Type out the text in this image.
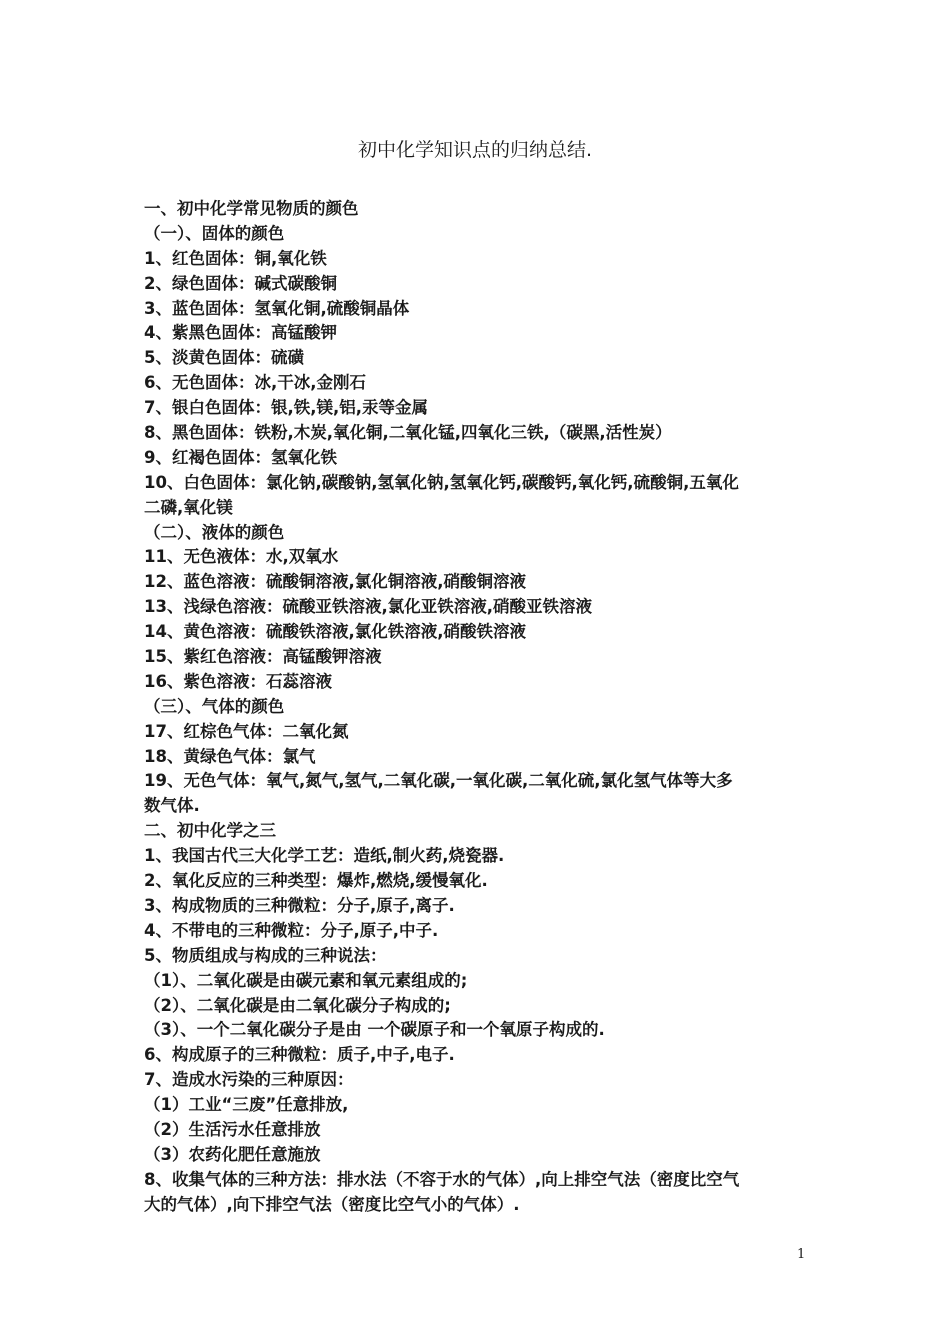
初中化学知识点的归纳总结.
一、初中化学常见物质的颜色
（一）、固体的颜色
1、红色固体：铜,氧化铁
2、绿色固体：碱式碳酸铜
3、蓝色固体：氢氧化铜,硫酸铜晶体
4、紫黑色固体：高锰酸钾
5、淡黄色固体：硫磺
6、无色固体：冰,干冰,金刚石
7、银白色固体：银,铁,镁,铝,汞等金属
8、黑色固体：铁粉,木炭,氧化铜,二氧化锰,四氧化三铁,（碳黑,活性炭）
9、红褐色固体：氢氧化铁
10、白色固体：氯化钠,碳酸钠,氢氧化钠,氢氧化钙,碳酸钙,氧化钙,硫酸铜,五氧化
二磷,氧化镁
（二）、液体的颜色
11、无色液体：水,双氧水
12、蓝色溶液：硫酸铜溶液,氯化铜溶液,硝酸铜溶液
13、浅绿色溶液：硫酸亚铁溶液,氯化亚铁溶液,硝酸亚铁溶液
14、黄色溶液：硫酸铁溶液,氯化铁溶液,硝酸铁溶液
15、紫红色溶液：高锰酸钾溶液
16、紫色溶液：石蕊溶液
（三）、气体的颜色
17、红棕色气体：二氧化氮
18、黄绿色气体：氯气
19、无色气体：氧气,氮气,氢气,二氧化碳,一氧化碳,二氧化硫,氯化氢气体等大多
数气体.
二、初中化学之三
1、我国古代三大化学工艺：造纸,制火药,烧瓷器.
2、氧化反应的三种类型：爆炸,燃烧,缓慢氧化.
3、构成物质的三种微粒：分子,原子,离子.
4、不带电的三种微粒：分子,原子,中子.
5、物质组成与构成的三种说法：
（1）、二氧化碳是由碳元素和氧元素组成的;
（2）、二氧化碳是由二氧化碳分子构成的;
（3）、一个二氧化碳分子是由 一个碳原子和一个氧原子构成的.
6、构成原子的三种微粒：质子,中子,电子.
7、造成水污染的三种原因：
（1）工业“三废”任意排放,
（2）生活污水任意排放
（3）农药化肥任意施放
8、收集气体的三种方法：排水法（不容于水的气体）,向上排空气法（密度比空气
大的气体）,向下排空气法（密度比空气小的气体）.
1
